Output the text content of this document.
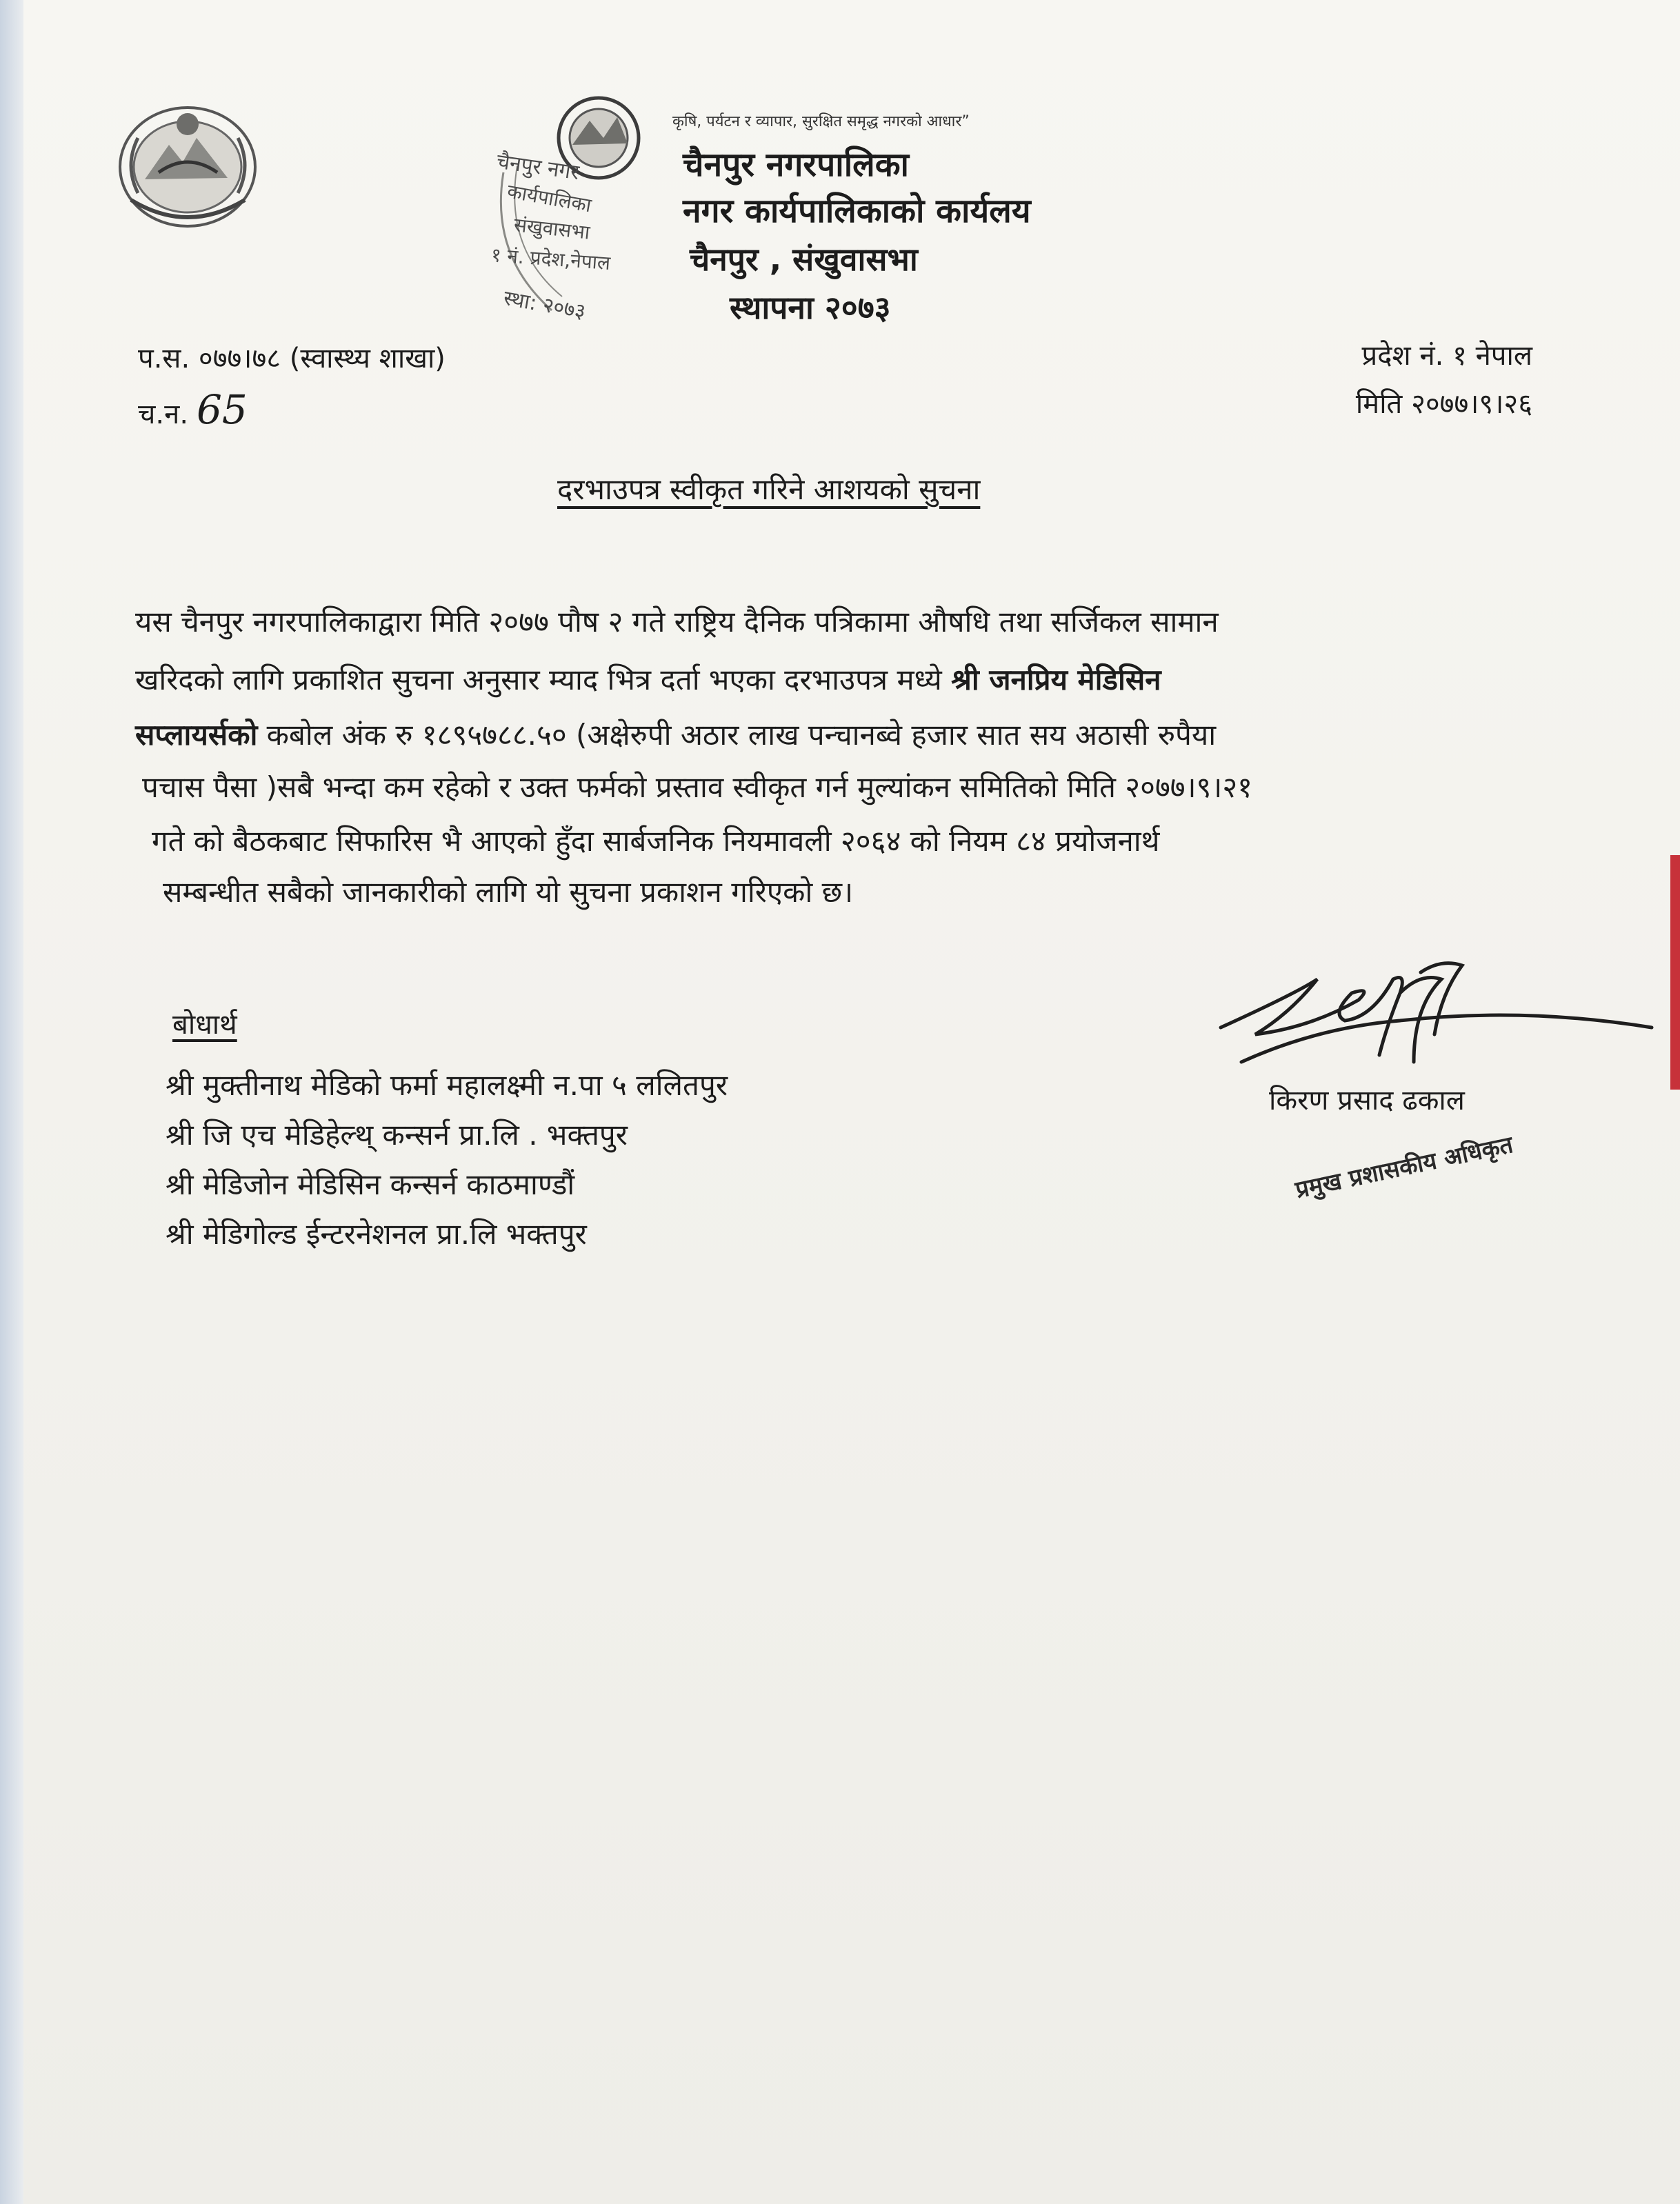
चैनपुर नगर
कार्यपालिका
संखुवासभा
१ नं. प्रदेश,नेपाल
स्था: २०७३
कृषि, पर्यटन र व्यापार, सुरक्षित समृद्ध नगरको आधार”
चैनपुर नगरपालिका
नगर कार्यपालिकाको कार्यलय
चैनपुर , संखुवासभा
स्थापना २०७३
प.स. ०७७।७८ (स्वास्थ्य शाखा)
च.न. 65
प्रदेश नं. १ नेपाल
मिति २०७७।९।२६
दरभाउपत्र स्वीकृत गरिने आशयको सुचना
यस चैनपुर नगरपालिकाद्वारा मिति २०७७ पौष २ गते राष्ट्रिय दैनिक पत्रिकामा औषधि तथा सर्जिकल सामान
खरिदको लागि प्रकाशित सुचना अनुसार म्याद भित्र दर्ता भएका दरभाउपत्र मध्ये श्री जनप्रिय मेडिसिन
सप्लायर्सको कबोल अंक रु १८९५७८८.५० (अक्षेरुपी अठार लाख पन्चानब्वे हजार सात सय अठासी रुपैया
पचास पैसा )सबै भन्दा कम रहेको र उक्त फर्मको प्रस्ताव स्वीकृत गर्न मुल्यांकन समितिको मिति २०७७।९।२१
गते को बैठकबाट सिफारिस भै आएको हुँदा सार्बजनिक नियमावली २०६४ को नियम ८४ प्रयोजनार्थ
सम्बन्धीत सबैको जानकारीको लागि यो सुचना प्रकाशन गरिएको छ।
बोधार्थ
श्री मुक्तीनाथ मेडिको फर्मा महालक्ष्मी न.पा ५ ललितपुर
श्री जि एच मेडिहेल्थ् कन्सर्न प्रा.लि . भक्तपुर
श्री मेडिजोन मेडिसिन कन्सर्न काठमाण्डौं
श्री मेडिगोल्ड ईन्टरनेशनल प्रा.लि भक्तपुर
किरण प्रसाद ढकाल
प्रमुख प्रशासकीय अधिकृत
